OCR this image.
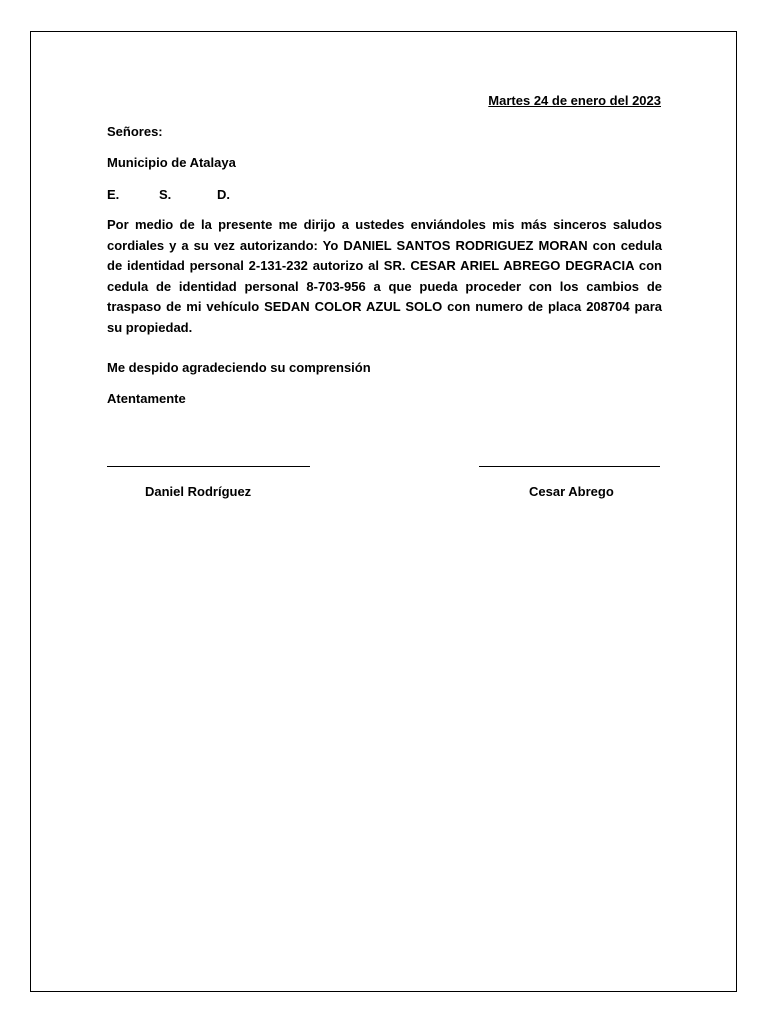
Martes 24 de enero del 2023
Señores:
Municipio de Atalaya
E.	S.	D.
Por medio de la presente me dirijo a ustedes enviándoles mis más sinceros saludos cordiales y a su vez autorizando: Yo DANIEL SANTOS RODRIGUEZ MORAN con cedula de identidad personal 2-131-232 autorizo al SR. CESAR ARIEL ABREGO DEGRACIA con cedula de identidad personal 8-703-956 a que pueda proceder con los cambios de traspaso de mi vehículo SEDAN COLOR AZUL SOLO con numero de placa 208704 para su propiedad.
Me despido agradeciendo su comprensión
Atentamente
Daniel Rodríguez	Cesar Abrego
